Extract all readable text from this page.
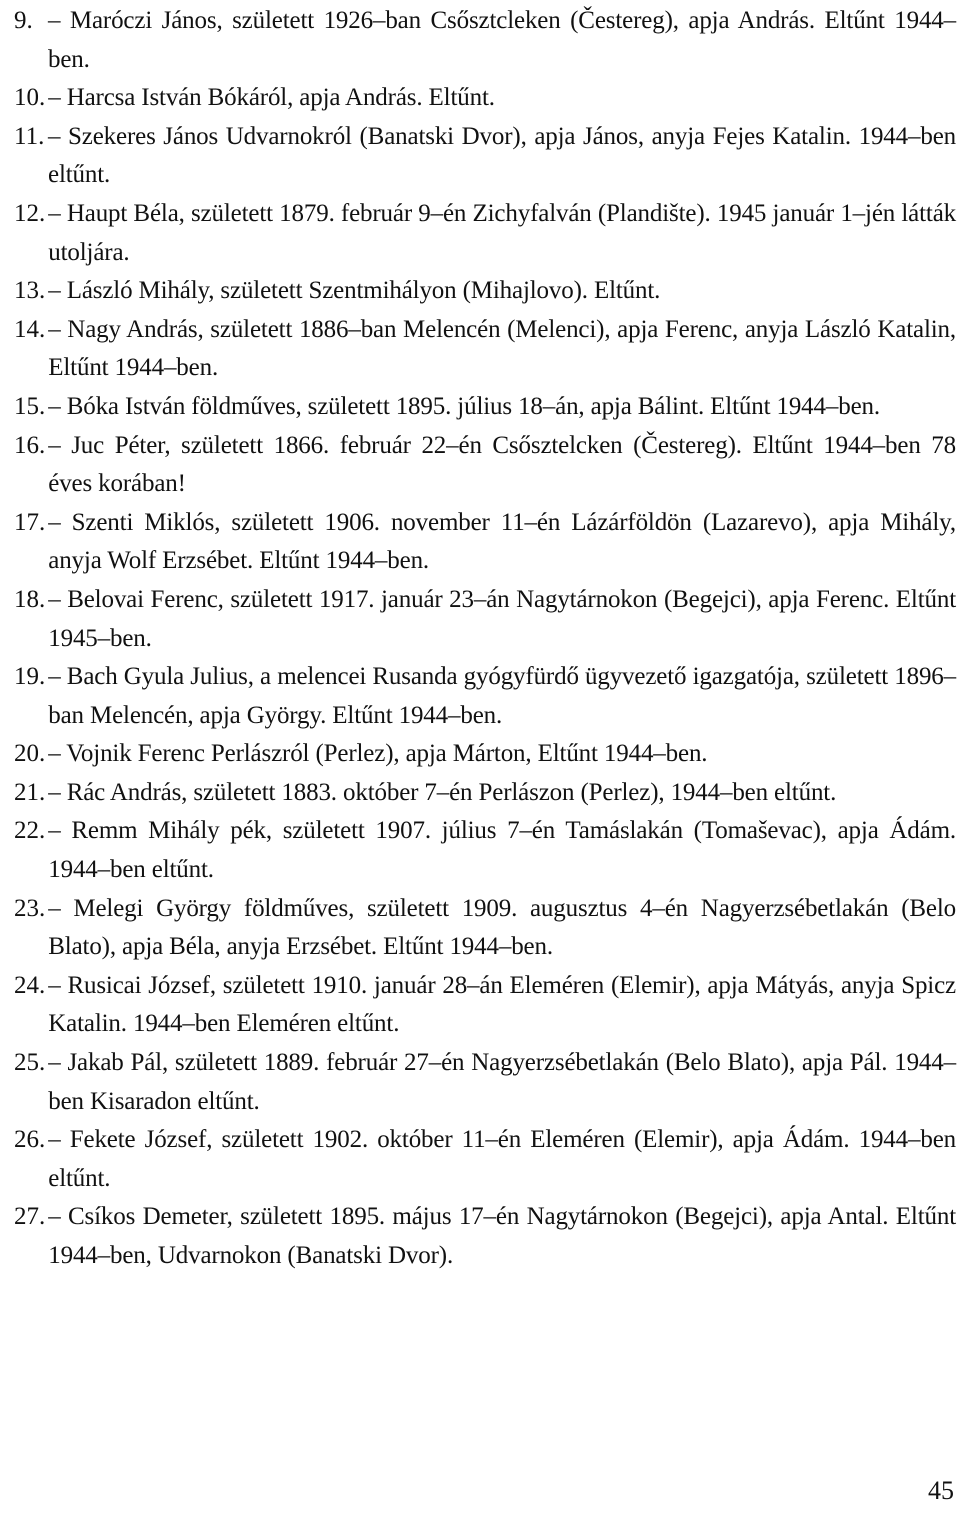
9. – Maróczi János, született 1926–ban Csősztcleken (Čestereg), apja András. Eltűnt 1944–ben.

10. – Harcsa István Bókáról, apja András. Eltűnt.

11. – Szekeres János Udvarnokról (Banatski Dvor), apja János, anyja Fejes Katalin. 1944–ben eltűnt.

12. – Haupt Béla, született 1879. február 9–én Zichyfalván (Plandište). 1945 január 1–jén látták utoljára.

13. – László Mihály, született Szentmihályon (Mihajlovo). Eltűnt.

14. – Nagy András, született 1886–ban Melencén (Melenci), apja Ferenc, anyja László Katalin, Eltűnt 1944–ben.

15. – Bóka István földműves, született 1895. július 18–án, apja Bálint. Eltűnt 1944–ben.

16. – Juc Péter, született 1866. február 22–én Csősztelcken (Čestereg). Eltűnt 1944–ben 78 éves korában!

17. – Szenti Miklós, született 1906. november 11–én Lázárföldön (Lazarevo), apja Mihály, anyja Wolf Erzsébet. Eltűnt 1944–ben.

18. – Belovai Ferenc, született 1917. január 23–án Nagytárnokon (Begejci), apja Ferenc. Eltűnt 1945–ben.

19. – Bach Gyula Julius, a melencei Rusanda gyógyfürdő ügyvezető igazgatója, született 1896–ban Melencén, apja György. Eltűnt 1944–ben.

20. – Vojnik Ferenc Perlászról (Perlez), apja Márton, Eltűnt 1944–ben.

21. – Rác András, született 1883. október 7–én Perlászon (Perlez), 1944–ben eltűnt.

22. – Remm Mihály pék, született 1907. július 7–én Tamáslakán (Tomaševac), apja Ádám. 1944–ben eltűnt.

23. – Melegi György földműves, született 1909. augusztus 4–én Nagyerzsébetlakán (Belo Blato), apja Béla, anyja Erzsébet. Eltűnt 1944–ben.

24. – Rusicai József, született 1910. január 28–án Eleméren (Elemir), apja Mátyás, anyja Spicz Katalin. 1944–ben Eleméren eltűnt.

25. – Jakab Pál, született 1889. február 27–én Nagyerzsébetlakán (Belo Blato), apja Pál. 1944–ben Kisaradon eltűnt.

26. – Fekete József, született 1902. október 11–én Eleméren (Elemir), apja Ádám. 1944–ben eltűnt.

27. – Csíkos Demeter, született 1895. május 17–én Nagytárnokon (Begejci), apja Antal. Eltűnt 1944–ben, Udvarnokon (Banatski Dvor).

45
